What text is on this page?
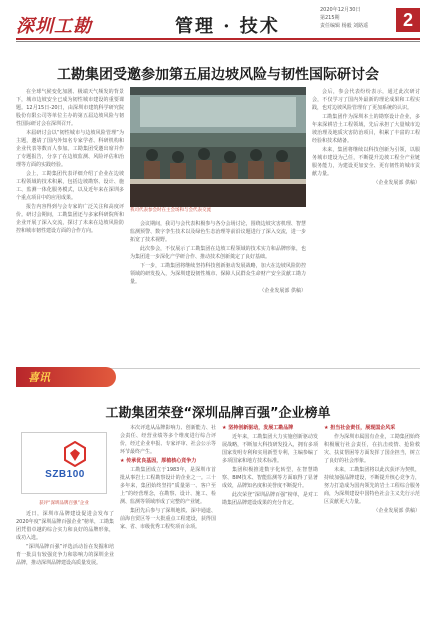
深圳工勘	管理 · 技术
2020年12月30日
第215期
责任编辑 杨毅 刘路遥	2
工勘集团受邀参加第五届边坡风险与韧性国际研讨会

在全球气候变化加剧、极端天气频发的背景下，城市边坡安全已成为韧性城市建设的重要课题。12月15日-20日，由深圳市建筑科学研究院股份有限公司等单位主办的第五届边坡风险与韧性国际研讨会在深圳召开。

本届研讨会以“韧性城市与边坡风险管理”为主题，邀请了国内外知名专家学者、科研机构和企业代表等数百人参加。工勘集团受邀出席并作了专题报告，分享了在边坡监测、风险评估和治理等方面的实践经验。

会上，工勘集团代表详细介绍了企业在边坡工程领域的技术积累，包括边坡勘察、设计、施工、监测一体化服务模式，以及近年来在深圳多个重点项目中的应用成果。

报告内容得到与会专家的广泛关注和高度评价。研讨会期间，工勘集团还与多家科研院所和企业开展了深入交流，探讨了未来在边坡风险防控和城市韧性建设方面的合作方向。

我司代表参会时在主会场和与会代表交流

会议期间，我司与会代表积极参与各分会场讨论，围绕边坡灾害机理、智慧监测预警、数字孪生技术以及绿色生态治理等前沿议题进行了深入交流，进一步拓宽了技术视野。

此次参会，不仅展示了工勘集团在边坡工程领域的技术实力和品牌形象，也为集团进一步深化产学研合作、推动技术创新奠定了良好基础。

下一步，工勘集团将继续坚持科技创新驱动发展战略，加大在边坡风险防控领域的研发投入，为深圳建设韧性城市、保障人民群众生命财产安全贡献工勘力量。

（企业发展部 供稿）

会后，参会代表纷纷表示，通过此次研讨会，不仅学习了国内外最新的理论成果和工程实践，也对边坡风险管理有了更加系统的认识。

工勘集团作为深圳本土的勘察设计企业，多年来深耕岩土工程领域，先后承担了大量城市边坡治理及地质灾害防治项目，积累了丰富的工程经验和技术储备。

未来，集团将继续以科技创新为引领，以服务城市建设为己任，不断提升边坡工程全产业链服务能力，为建设更加安全、更有韧性的城市贡献力量。

（企业发展部 供稿）

喜讯
工勘集团荣登“深圳品牌百强”企业榜单
SZB100
获评“深圳品牌百强”企业

近日，深圳市品牌建设促进会发布了2020年度“深圳品牌百强企业”榜单，工勘集团凭借卓越的综合实力和良好的品牌形象，成功入选。

“深圳品牌百强”评选活动旨在发掘和培育一批具有较强竞争力和影响力的深圳企业品牌，推动深圳品牌建设高质量发展。

本次评选从品牌影响力、创新能力、社会责任、经营业绩等多个维度进行综合评价，经过企业申报、专家评审、社会公示等环节最终产生。

★ 传承优良基因，厚植核心竞争力

工勘集团成立于1983年，是深圳市首批从事岩土工程勘察设计的企业之一。三十多年来，集团始终坚持“质量第一、客户至上”的经营理念，在勘察、设计、施工、检测、监测等领域形成了完整的产业链。

集团先后参与了深圳地铁、深中通道、前海自贸区等一大批重点工程建设，获得国家、省、市级优秀工程奖项百余项。

★ 坚持创新驱动，发展工勘品牌

近年来，工勘集团大力实施创新驱动发展战略，不断加大科技研发投入，拥有多项国家发明专利和实用新型专利，主编参编了多项国家和地方技术标准。

集团积极推进数字化转型，在智慧勘察、BIM技术、智能监测等方面取得了显著成效，品牌知名度和美誉度不断提升。

此次荣登“深圳品牌百强”榜单，是对工勘集团品牌建设成果的充分肯定。

★ 担当社会责任，展现国企风采

作为深圳市属国有企业，工勘集团始终积极履行社会责任，在抗击疫情、抢险救灾、扶贫帮困等方面发挥了国企担当，树立了良好的社会形象。

未来，工勘集团将以此次获评为契机，持续加强品牌建设，不断提升核心竞争力，努力打造成为国内领先的岩土工程综合服务商，为深圳建设中国特色社会主义先行示范区贡献更大力量。

（企业发展部 供稿）
